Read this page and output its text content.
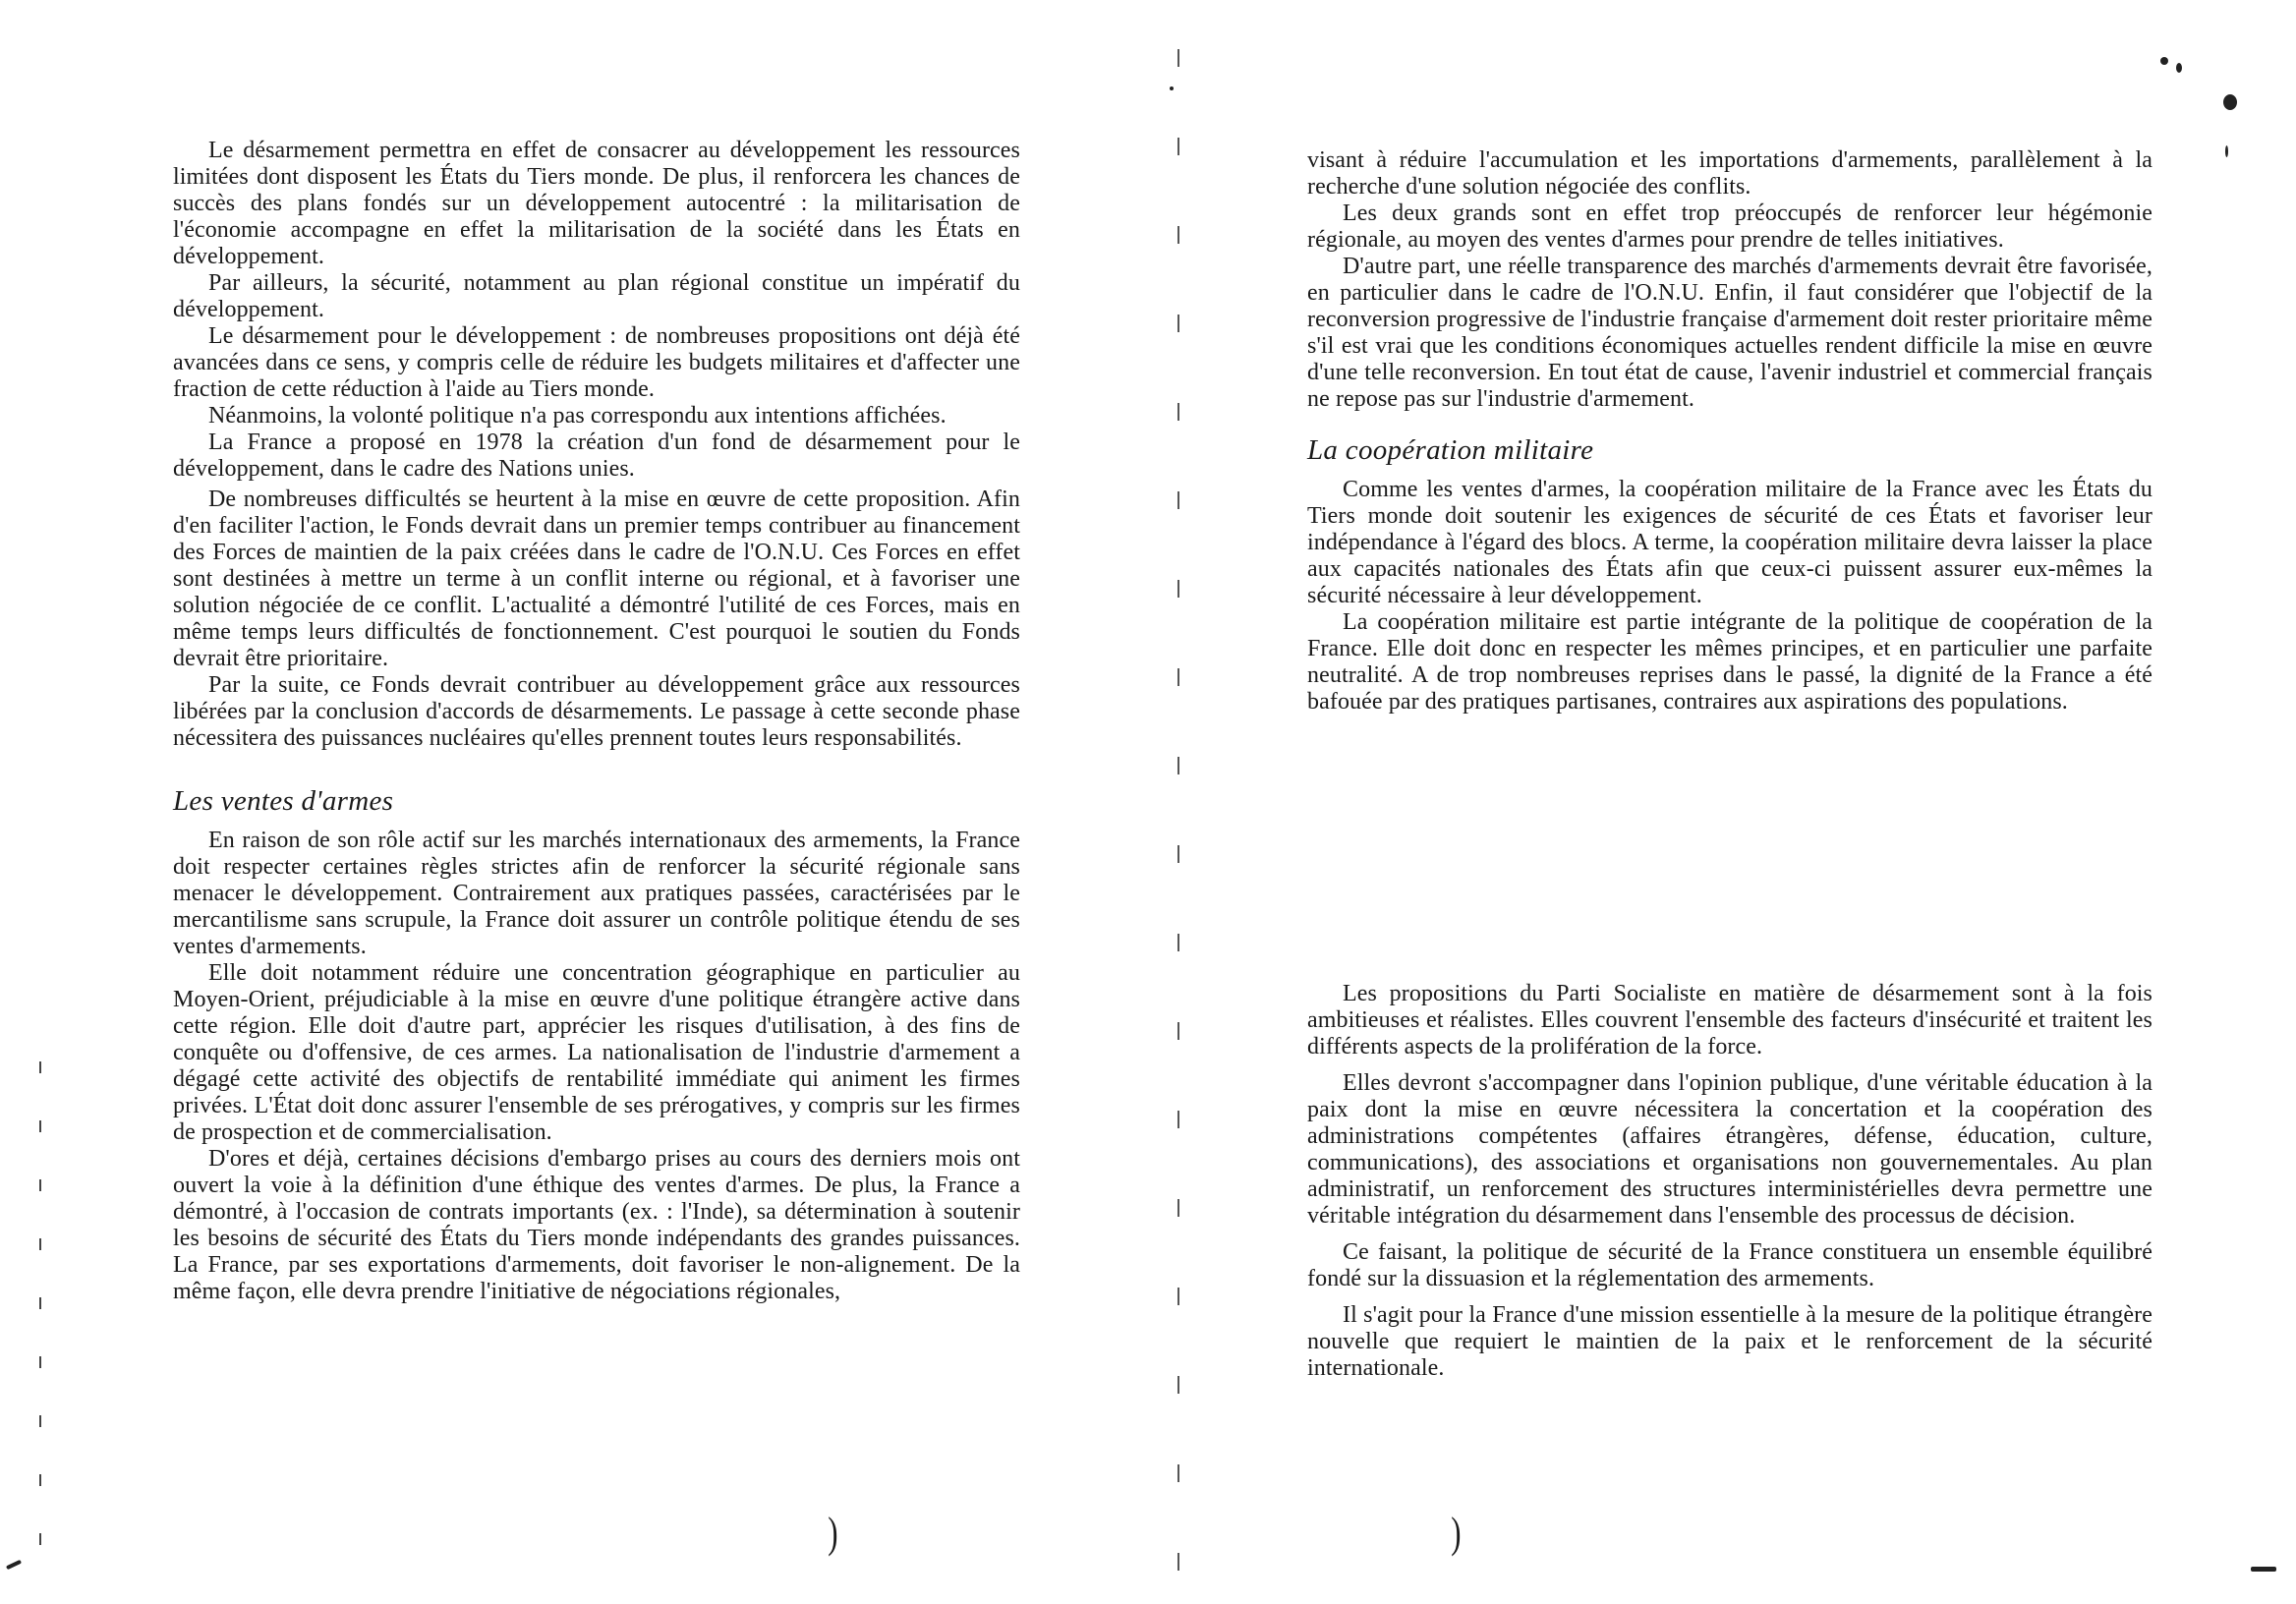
Le désarmement permettra en effet de consacrer au développement les ressources limitées dont disposent les États du Tiers monde. De plus, il renforcera les chances de succès des plans fondés sur un développement autocentré : la militarisation de l'économie accompagne en effet la militarisation de la société dans les États en développement.

Par ailleurs, la sécurité, notamment au plan régional constitue un impératif du développement.

Le désarmement pour le développement : de nombreuses propositions ont déjà été avancées dans ce sens, y compris celle de réduire les budgets militaires et d'affecter une fraction de cette réduction à l'aide au Tiers monde.

Néanmoins, la volonté politique n'a pas correspondu aux intentions affichées.

La France a proposé en 1978 la création d'un fond de désarmement pour le développement, dans le cadre des Nations unies.

De nombreuses difficultés se heurtent à la mise en œuvre de cette proposition. Afin d'en faciliter l'action, le Fonds devrait dans un premier temps contribuer au financement des Forces de maintien de la paix créées dans le cadre de l'O.N.U. Ces Forces en effet sont destinées à mettre un terme à un conflit interne ou régional, et à favoriser une solution négociée de ce conflit. L'actualité a démontré l'utilité de ces Forces, mais en même temps leurs difficultés de fonctionnement. C'est pourquoi le soutien du Fonds devrait être prioritaire.

Par la suite, ce Fonds devrait contribuer au développement grâce aux ressources libérées par la conclusion d'accords de désarmements. Le passage à cette seconde phase nécessitera des puissances nucléaires qu'elles prennent toutes leurs responsabilités.

Les ventes d'armes

En raison de son rôle actif sur les marchés internationaux des armements, la France doit respecter certaines règles strictes afin de renforcer la sécurité régionale sans menacer le développement. Contrairement aux pratiques passées, caractérisées par le mercantilisme sans scrupule, la France doit assurer un contrôle politique étendu de ses ventes d'armements.

Elle doit notamment réduire une concentration géographique en particulier au Moyen-Orient, préjudiciable à la mise en œuvre d'une politique étrangère active dans cette région. Elle doit d'autre part, apprécier les risques d'utilisation, à des fins de conquête ou d'offensive, de ces armes. La nationalisation de l'industrie d'armement a dégagé cette activité des objectifs de rentabilité immédiate qui animent les firmes privées. L'État doit donc assurer l'ensemble de ses prérogatives, y compris sur les firmes de prospection et de commercialisation.

D'ores et déjà, certaines décisions d'embargo prises au cours des derniers mois ont ouvert la voie à la définition d'une éthique des ventes d'armes. De plus, la France a démontré, à l'occasion de contrats importants (ex. : l'Inde), sa détermination à soutenir les besoins de sécurité des États du Tiers monde indépendants des grandes puissances. La France, par ses exportations d'armements, doit favoriser le non-alignement. De la même façon, elle devra prendre l'initiative de négociations régionales,

)

visant à réduire l'accumulation et les importations d'armements, parallèlement à la recherche d'une solution négociée des conflits.

Les deux grands sont en effet trop préoccupés de renforcer leur hégémonie régionale, au moyen des ventes d'armes pour prendre de telles initiatives.

D'autre part, une réelle transparence des marchés d'armements devrait être favorisée, en particulier dans le cadre de l'O.N.U. Enfin, il faut considérer que l'objectif de la reconversion progressive de l'industrie française d'armement doit rester prioritaire même s'il est vrai que les conditions économiques actuelles rendent difficile la mise en œuvre d'une telle reconversion. En tout état de cause, l'avenir industriel et commercial français ne repose pas sur l'industrie d'armement.

La coopération militaire

Comme les ventes d'armes, la coopération militaire de la France avec les États du Tiers monde doit soutenir les exigences de sécurité de ces États et favoriser leur indépendance à l'égard des blocs. A terme, la coopération militaire devra laisser la place aux capacités nationales des États afin que ceux-ci puissent assurer eux-mêmes la sécurité nécessaire à leur développement.

La coopération militaire est partie intégrante de la politique de coopération de la France. Elle doit donc en respecter les mêmes principes, et en particulier une parfaite neutralité. A de trop nombreuses reprises dans le passé, la dignité de la France a été bafouée par des pratiques partisanes, contraires aux aspirations des populations.

Les propositions du Parti Socialiste en matière de désarmement sont à la fois ambitieuses et réalistes. Elles couvrent l'ensemble des facteurs d'insécurité et traitent les différents aspects de la prolifération de la force.

Elles devront s'accompagner dans l'opinion publique, d'une véritable éducation à la paix dont la mise en œuvre nécessitera la concertation et la coopération des administrations compétentes (affaires étrangères, défense, éducation, culture, communications), des associations et organisations non gouvernementales. Au plan administratif, un renforcement des structures interministérielles devra permettre une véritable intégration du désarmement dans l'ensemble des processus de décision.

Ce faisant, la politique de sécurité de la France constituera un ensemble équilibré fondé sur la dissuasion et la réglementation des armements.

Il s'agit pour la France d'une mission essentielle à la mesure de la politique étrangère nouvelle que requiert le maintien de la paix et le renforcement de la sécurité internationale.

)
